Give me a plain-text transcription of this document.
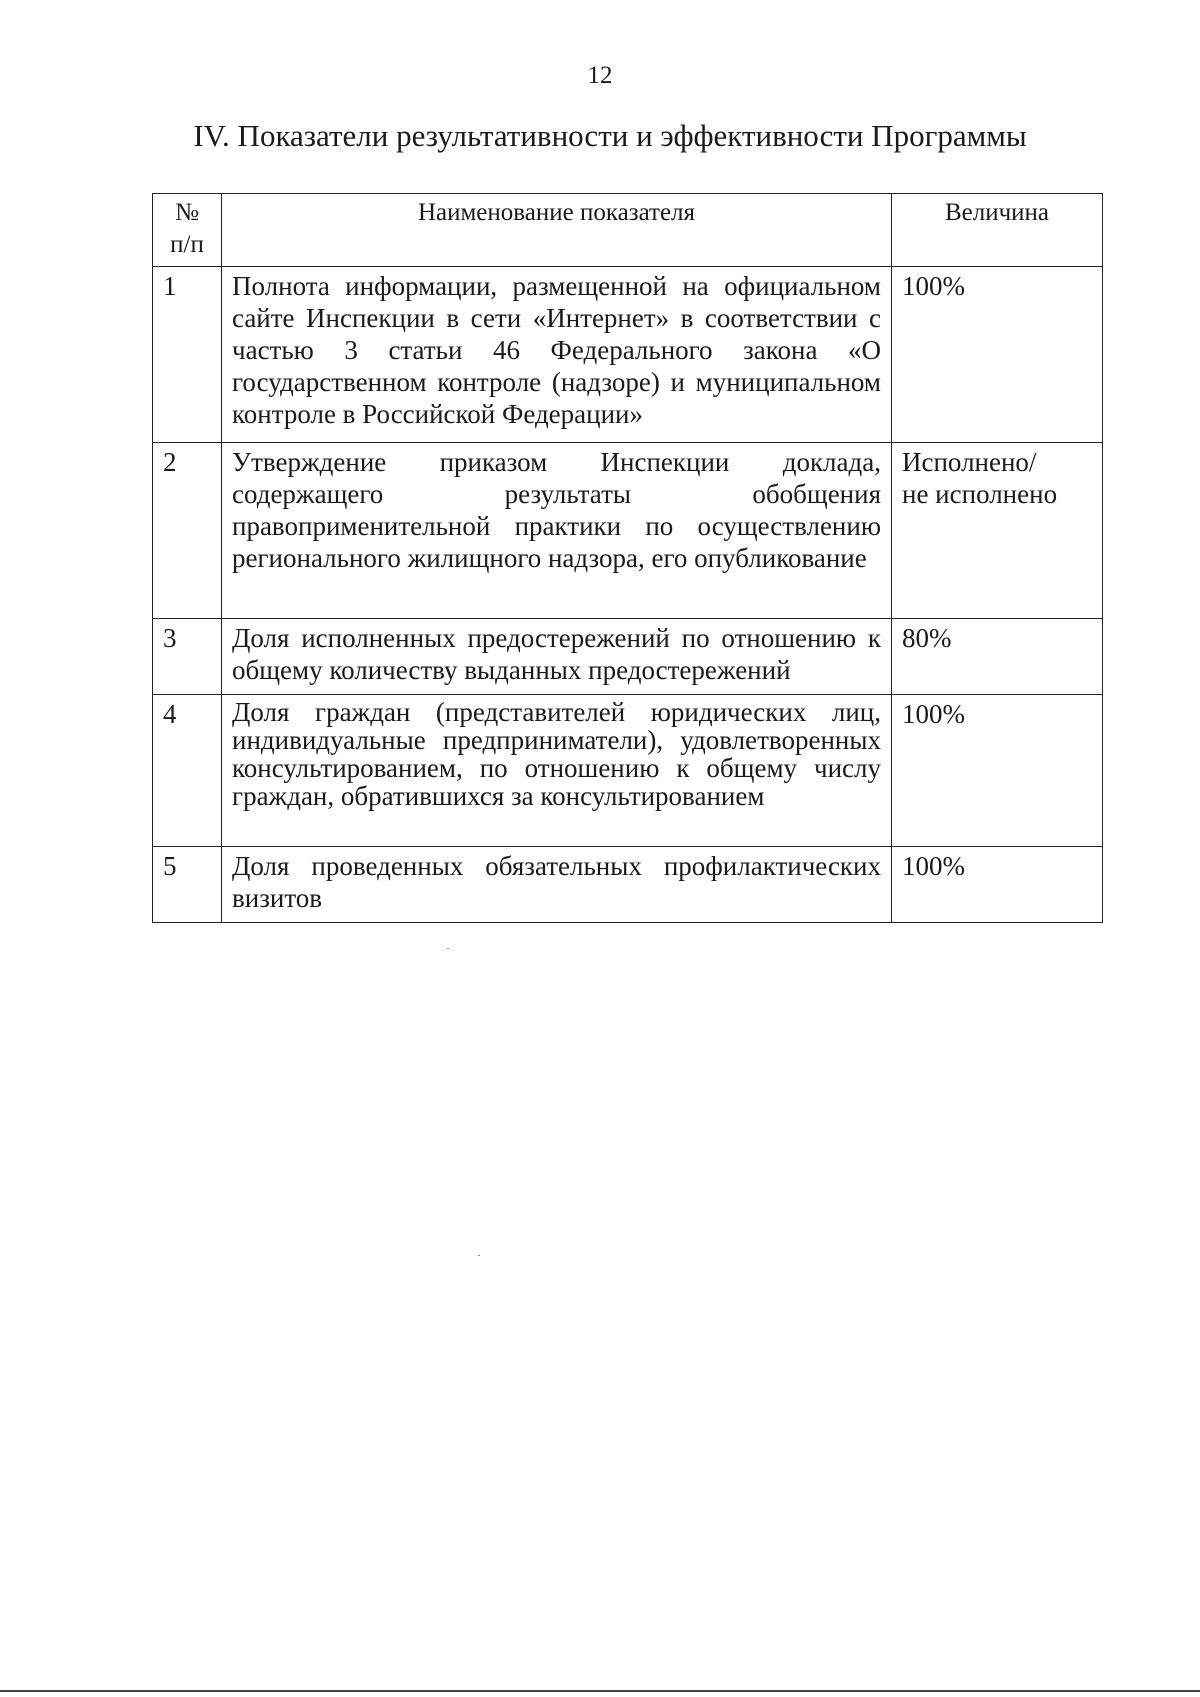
12
IV. Показатели результативности и эффективности Программы
№
п/п	Наименование показателя	Величина
1	Полнота информации, размещенной на официальном сайте Инспекции в сети «Интернет» в соответствии с частью 3 статьи 46 Федерального закона «О государственном контроле (надзоре) и муниципальном контроле в Российской Федерации»	100%
2	Утверждение приказом Инспекции доклада, содержащего результаты обобщения правоприменительной практики по осуществлению регионального жилищного надзора, его опубликование	Исполнено/
не исполнено

3	Доля исполненных предостережений по отношению к общему количеству выданных предостережений	80%
4	Доля граждан (представителей юридических лиц, индивидуальные предприниматели), удовлетворенных консультированием, по отношению к общему числу граждан, обратившихся за консультированием	100%
5	Доля проведенных обязательных профилактических визитов	100%
